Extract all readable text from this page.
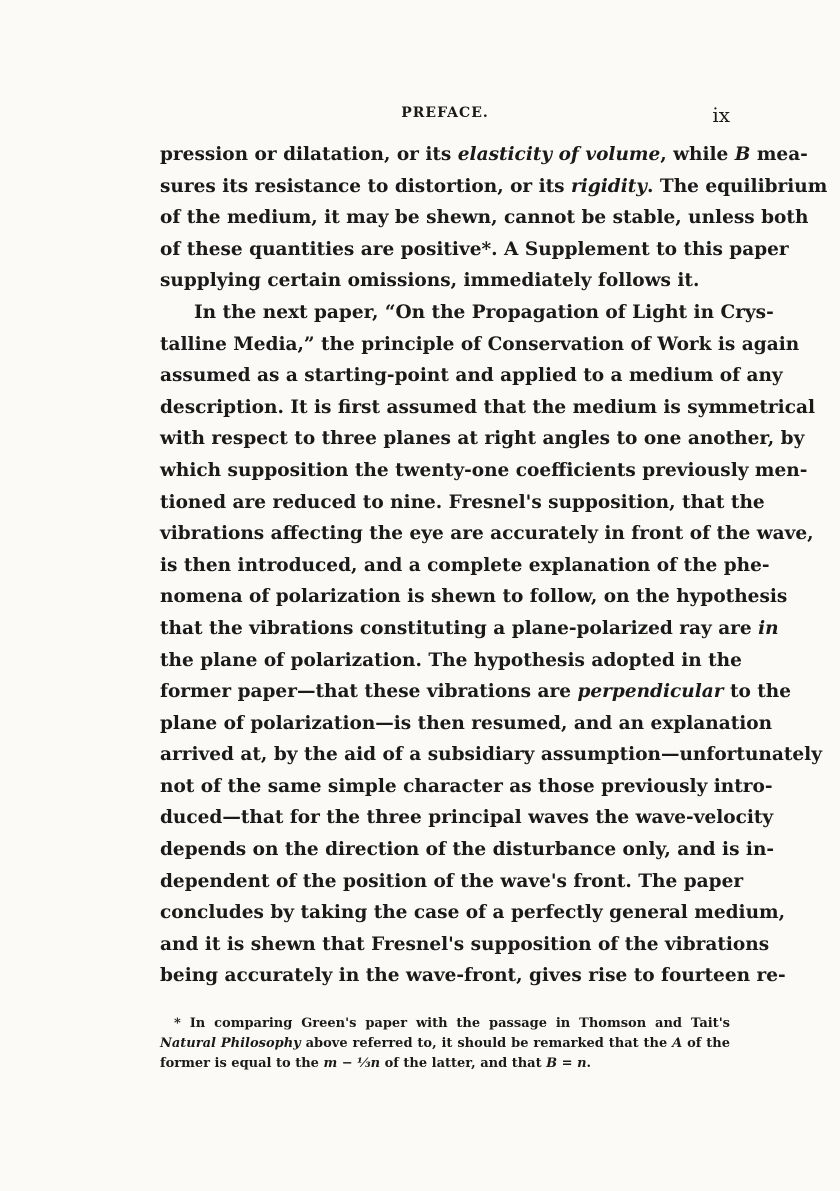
PREFACE.	ix
pression or dilatation, or its elasticity of volume, while B mea-
sures its resistance to distortion, or its rigidity. The equilibrium
of the medium, it may be shewn, cannot be stable, unless both
of these quantities are positive*. A Supplement to this paper
supplying certain omissions, immediately follows it.
In the next paper, “On the Propagation of Light in Crys-
talline Media,” the principle of Conservation of Work is again
assumed as a starting-point and applied to a medium of any
description. It is first assumed that the medium is symmetrical
with respect to three planes at right angles to one another, by
which supposition the twenty-one coefficients previously men-
tioned are reduced to nine. Fresnel's supposition, that the
vibrations affecting the eye are accurately in front of the wave,
is then introduced, and a complete explanation of the phe-
nomena of polarization is shewn to follow, on the hypothesis
that the vibrations constituting a plane-polarized ray are in
the plane of polarization. The hypothesis adopted in the
former paper—that these vibrations are perpendicular to the
plane of polarization—is then resumed, and an explanation
arrived at, by the aid of a subsidiary assumption—unfortunately
not of the same simple character as those previously intro-
duced—that for the three principal waves the wave-velocity
depends on the direction of the disturbance only, and is in-
dependent of the position of the wave's front. The paper
concludes by taking the case of a perfectly general medium,
and it is shewn that Fresnel's supposition of the vibrations
being accurately in the wave-front, gives rise to fourteen re-
* In comparing Green's paper with the passage in Thomson and Tait's
Natural Philosophy above referred to, it should be remarked that the A of the
former is equal to the m − ⅓n of the latter, and that B = n.
